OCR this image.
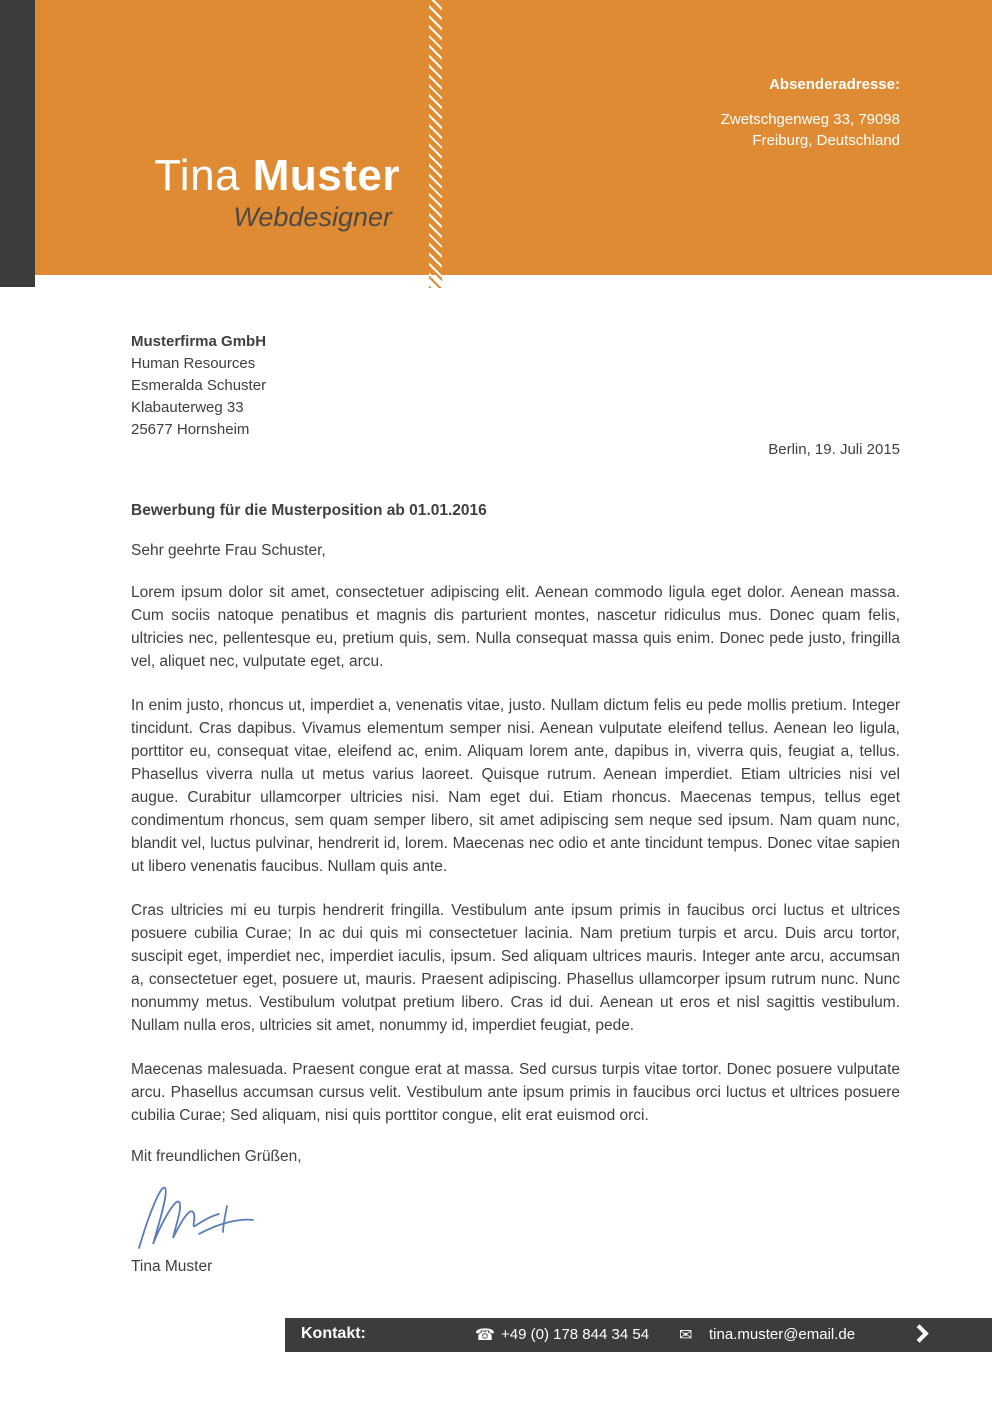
Absenderadresse:
Zwetschgenweg 33, 79098
Freiburg, Deutschland
Tina Muster
Webdesigner
Musterfirma GmbH
Human Resources
Esmeralda Schuster
Klabauterweg 33
25677 Hornsheim
Berlin, 19. Juli 2015
Bewerbung für die Musterposition ab 01.01.2016
Sehr geehrte Frau Schuster,

Lorem ipsum dolor sit amet, consectetuer adipiscing elit. Aenean commodo ligula eget dolor. Aenean massa. Cum sociis natoque penatibus et magnis dis parturient montes, nascetur ridiculus mus. Donec quam felis, ultricies nec, pellentesque eu, pretium quis, sem. Nulla consequat massa quis enim. Donec pede justo, fringilla vel, aliquet nec, vulputate eget, arcu.

In enim justo, rhoncus ut, imperdiet a, venenatis vitae, justo. Nullam dictum felis eu pede mollis pretium. Integer tincidunt. Cras dapibus. Vivamus elementum semper nisi. Aenean vulputate eleifend tellus. Aenean leo ligula, porttitor eu, consequat vitae, eleifend ac, enim. Aliquam lorem ante, dapibus in, viverra quis, feugiat a, tellus. Phasellus viverra nulla ut metus varius laoreet. Quisque rutrum. Aenean imperdiet. Etiam ultricies nisi vel augue. Curabitur ullamcorper ultricies nisi. Nam eget dui. Etiam rhoncus. Maecenas tempus, tellus eget condimentum rhoncus, sem quam semper libero, sit amet adipiscing sem neque sed ipsum. Nam quam nunc, blandit vel, luctus pulvinar, hendrerit id, lorem. Maecenas nec odio et ante tincidunt tempus. Donec vitae sapien ut libero venenatis faucibus. Nullam quis ante.

Cras ultricies mi eu turpis hendrerit fringilla. Vestibulum ante ipsum primis in faucibus orci luctus et ultrices posuere cubilia Curae; In ac dui quis mi consectetuer lacinia. Nam pretium turpis et arcu. Duis arcu tortor, suscipit eget, imperdiet nec, imperdiet iaculis, ipsum. Sed aliquam ultrices mauris. Integer ante arcu, accumsan a, consectetuer eget, posuere ut, mauris. Praesent adipiscing. Phasellus ullamcorper ipsum rutrum nunc. Nunc nonummy metus. Vestibulum volutpat pretium libero. Cras id dui. Aenean ut eros et nisl sagittis vestibulum. Nullam nulla eros, ultricies sit amet, nonummy id, imperdiet feugiat, pede.

Maecenas malesuada. Praesent congue erat at massa. Sed cursus turpis vitae tortor. Donec posuere vulputate arcu. Phasellus accumsan cursus velit. Vestibulum ante ipsum primis in faucibus orci luctus et ultrices posuere cubilia Curae; Sed aliquam, nisi quis porttitor congue, elit erat euismod orci.

Mit freundlichen Grüßen,
Tina Muster
Kontakt:	☎ +49 (0) 178 844 34 54 ✉ tina.muster@email.de
